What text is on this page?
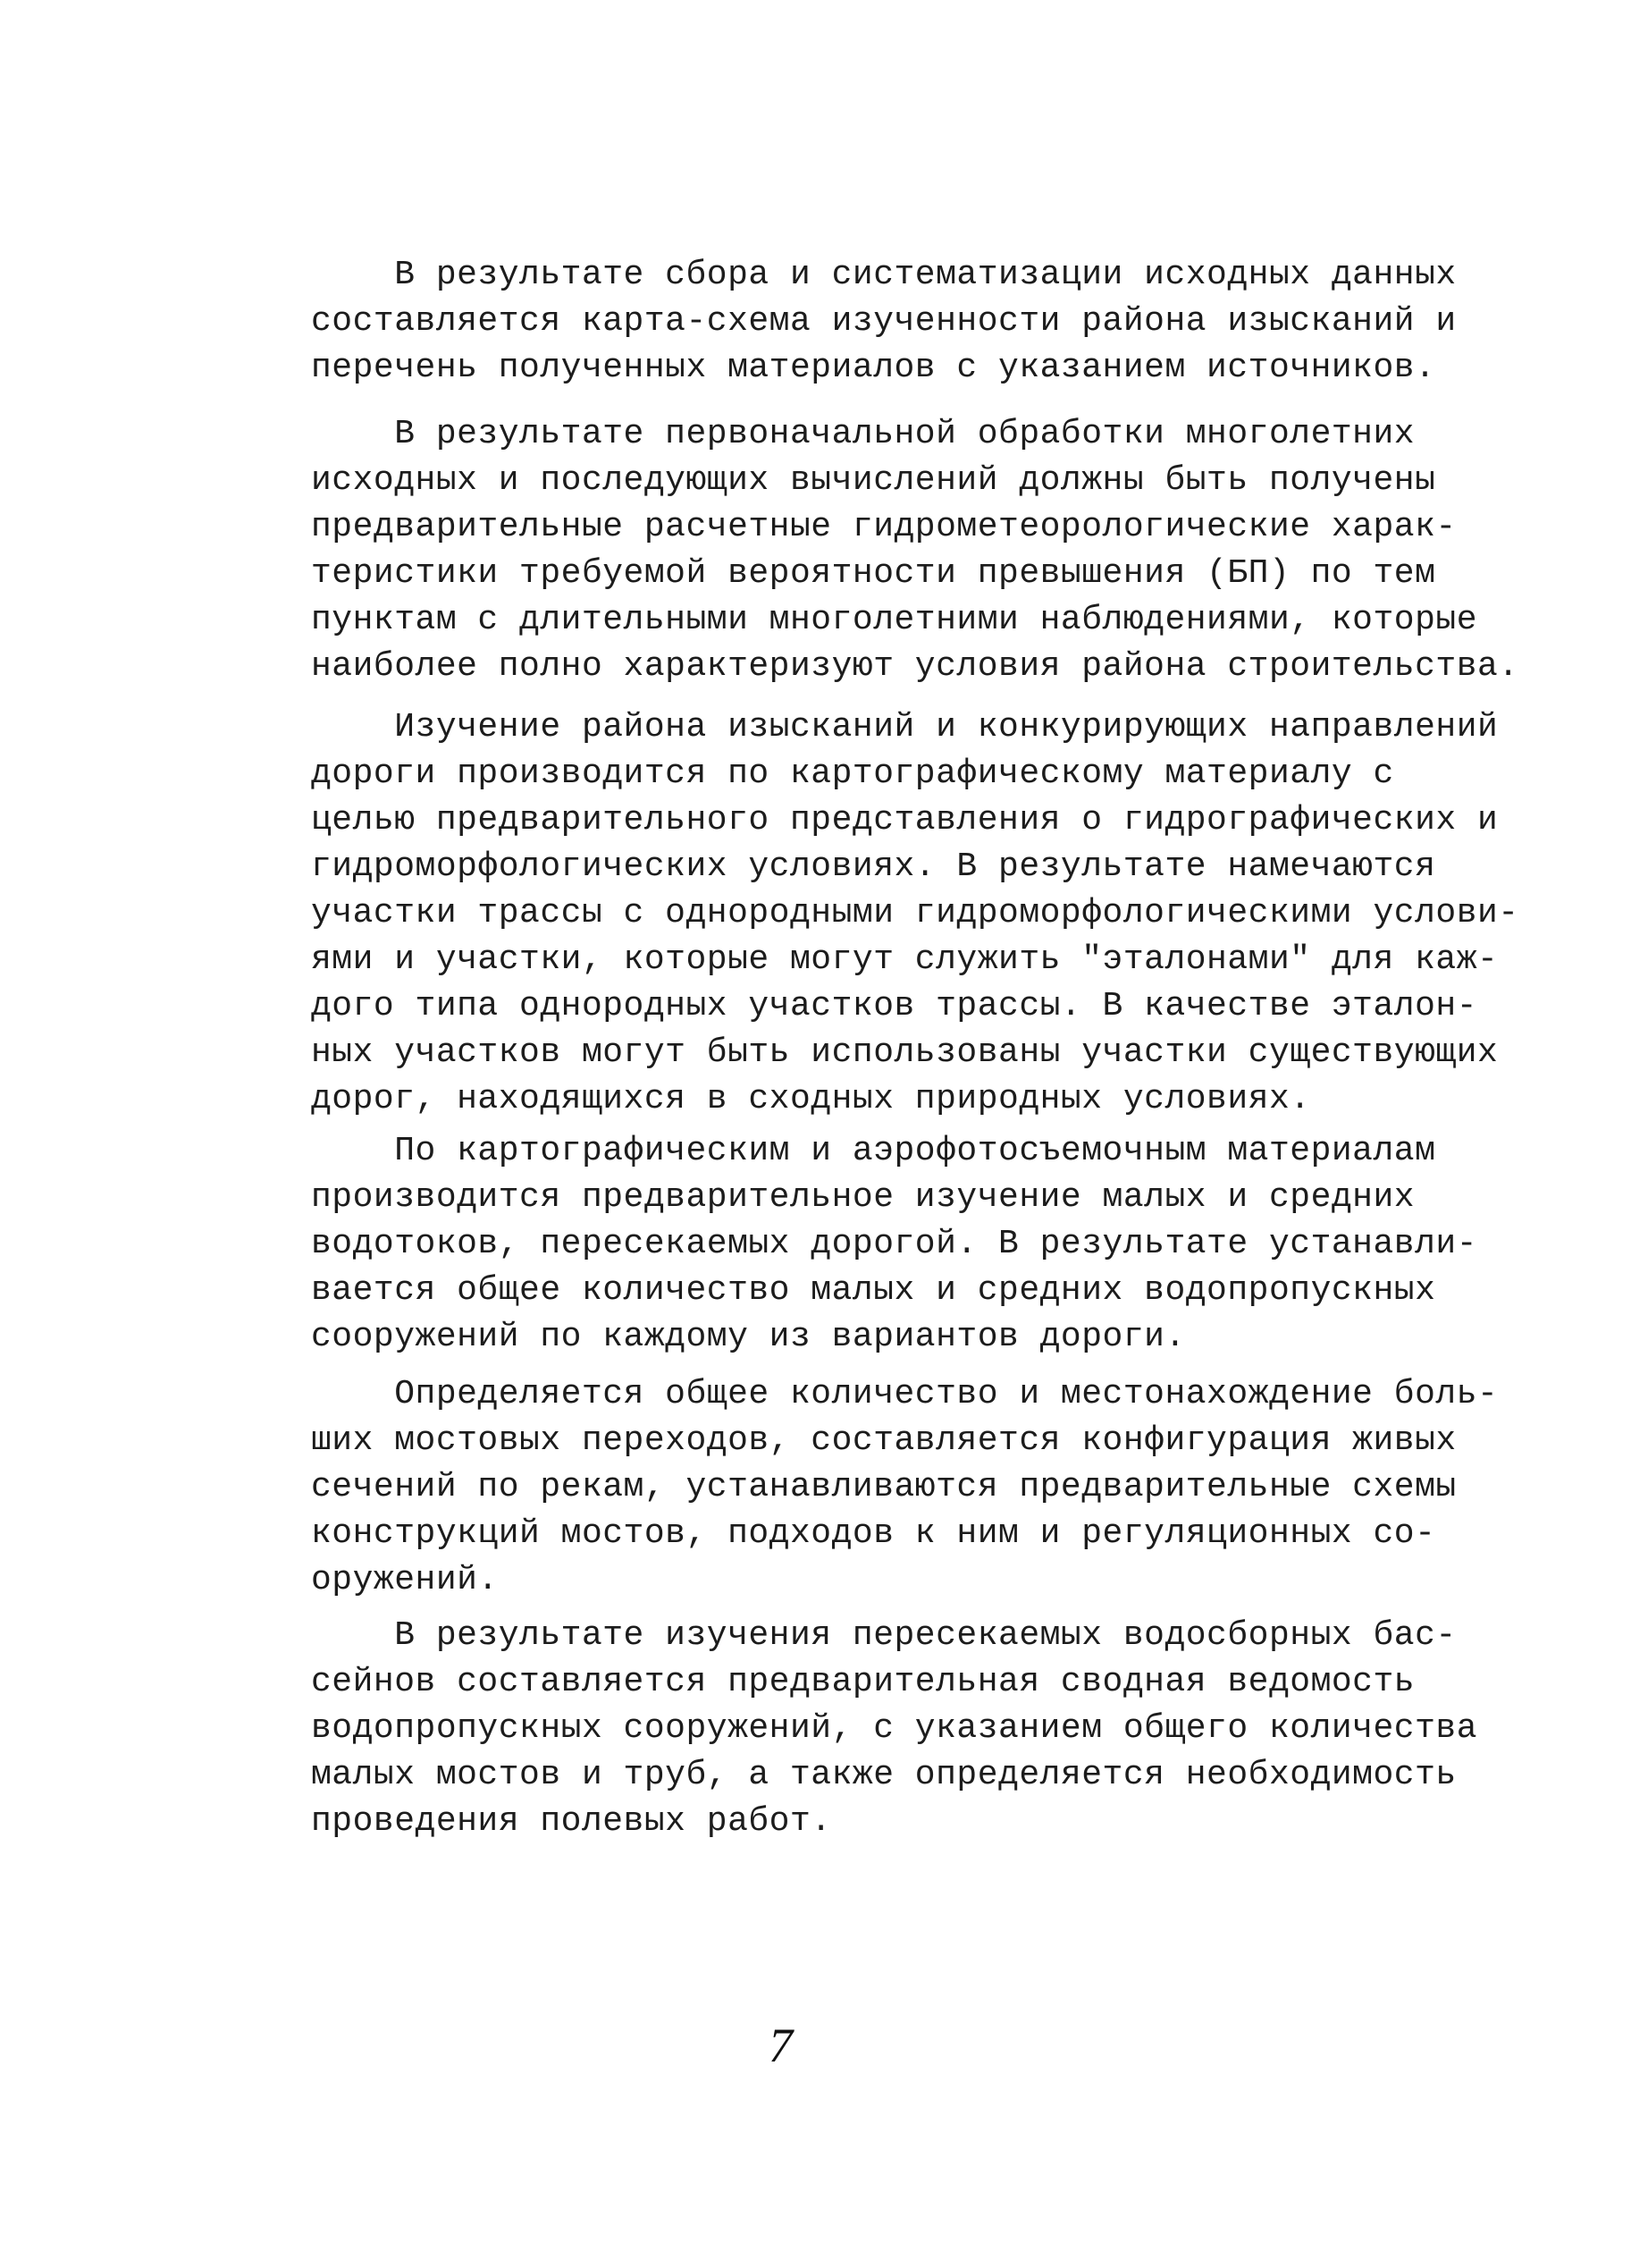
В результате сбора и систематизации исходных данных
составляется карта-схема изученности района изысканий и
перечень полученных материалов с указанием источников.
В результате первоначальной обработки многолетних
исходных и последующих вычислений должны быть получены
предварительные расчетные гидрометеорологические харак-
теристики требуемой вероятности превышения (БП) по тем
пунктам с длительными многолетними наблюдениями, которые
наиболее полно характеризуют условия района строительства.
Изучение района изысканий и конкурирующих направлений
дороги производится по картографическому материалу с
целью предварительного представления о гидрографических и
гидроморфологических условиях. В результате намечаются
участки трассы с однородными гидроморфологическими услови-
ями и участки, которые могут служить "эталонами" для каж-
дого типа однородных участков трассы. В качестве эталон-
ных участков могут быть использованы участки существующих
дорог, находящихся в сходных природных условиях.
По картографическим и аэрофотосъемочным материалам
производится предварительное изучение малых и средних
водотоков, пересекаемых дорогой. В результате устанавли-
вается общее количество малых и средних водопропускных
сооружений по каждому из вариантов дороги.
Определяется общее количество и местонахождение боль-
ших мостовых переходов, составляется конфигурация живых
сечений по рекам, устанавливаются предварительные схемы
конструкций мостов, подходов к ним и регуляционных со-
оружений.
В результате изучения пересекаемых водосборных бас-
сейнов составляется предварительная сводная ведомость
водопропускных сооружений, с указанием общего количества
малых мостов и труб, а также определяется необходимость
проведения полевых работ.
7
